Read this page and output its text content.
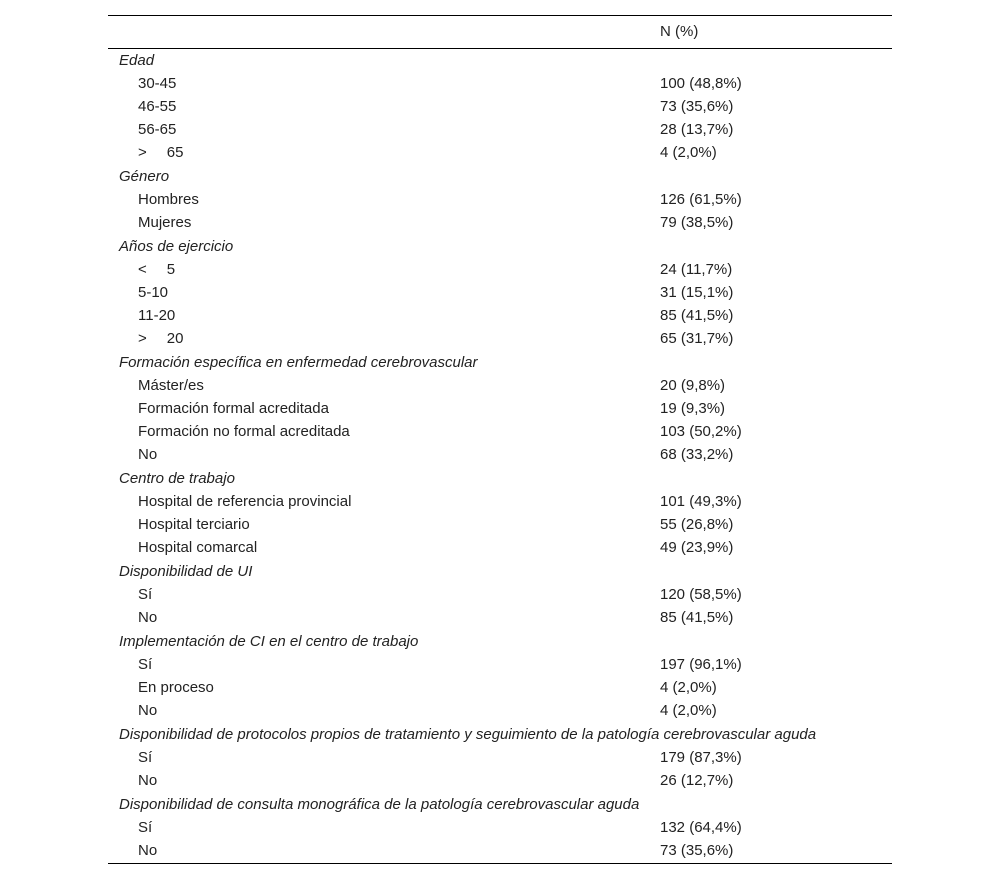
N (%)
Edad
30-45	100 (48,8%)
46-55	73 (35,6%)
56-65	28 (13,7%)
> 65	4 (2,0%)
Género
Hombres	126 (61,5%)
Mujeres	79 (38,5%)
Años de ejercicio
< 5	24 (11,7%)
5-10	31 (15,1%)
11-20	85 (41,5%)
> 20	65 (31,7%)
Formación específica en enfermedad cerebrovascular
Máster/es	20 (9,8%)
Formación formal acreditada	19 (9,3%)
Formación no formal acreditada	103 (50,2%)
No	68 (33,2%)
Centro de trabajo
Hospital de referencia provincial	101 (49,3%)
Hospital terciario	55 (26,8%)
Hospital comarcal	49 (23,9%)
Disponibilidad de UI
Sí	120 (58,5%)
No	85 (41,5%)
Implementación de CI en el centro de trabajo
Sí	197 (96,1%)
En proceso	4 (2,0%)
No	4 (2,0%)
Disponibilidad de protocolos propios de tratamiento y seguimiento de la patología cerebrovascular aguda
Sí	179 (87,3%)
No	26 (12,7%)
Disponibilidad de consulta monográfica de la patología cerebrovascular aguda
Sí	132 (64,4%)
No	73 (35,6%)
